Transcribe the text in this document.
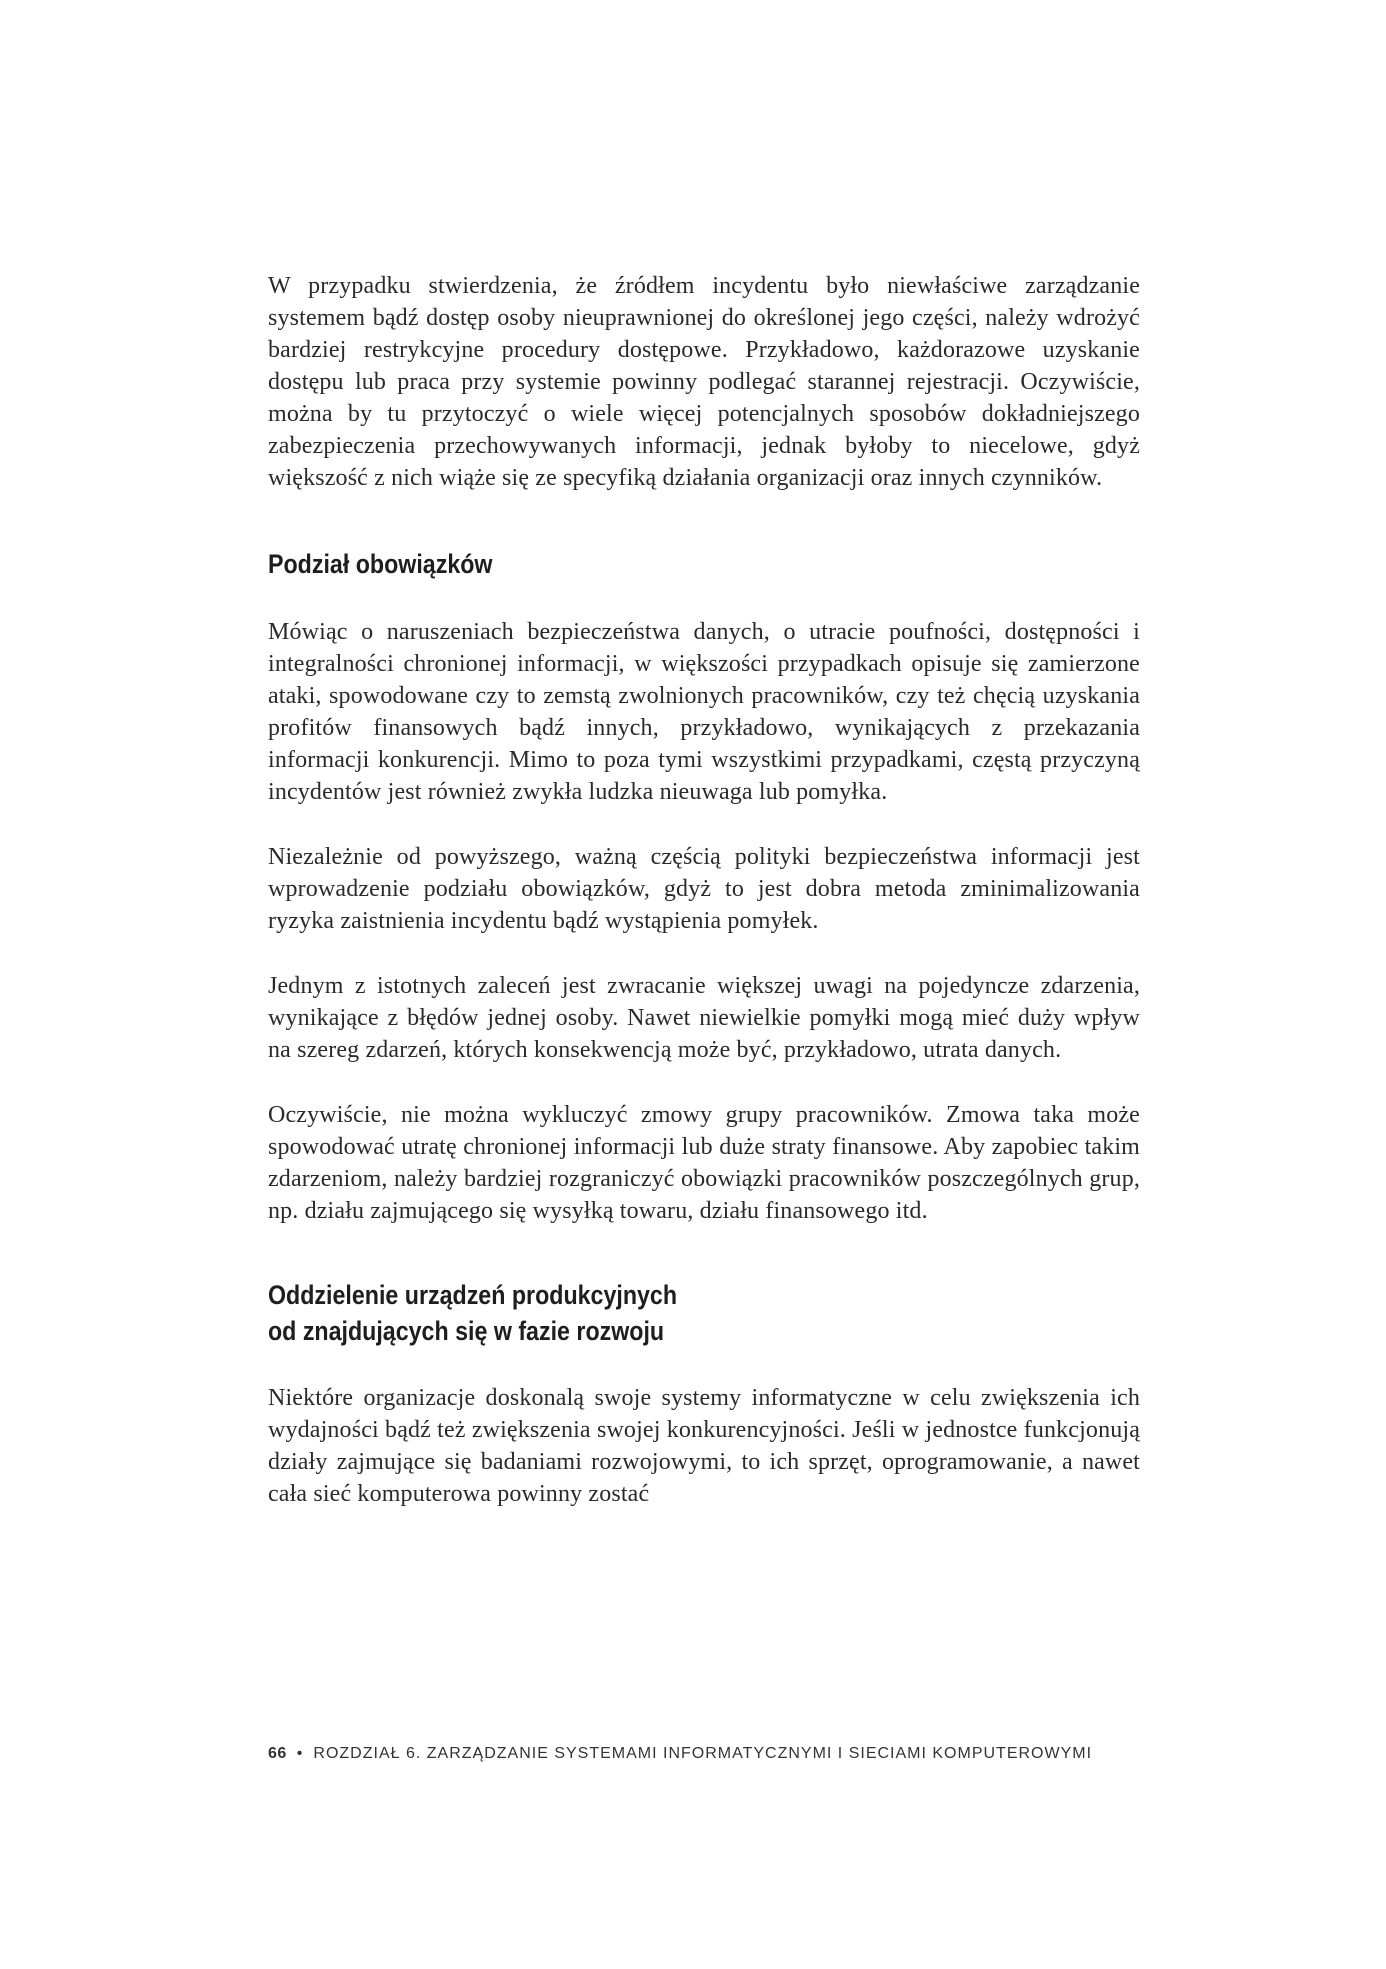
W przypadku stwierdzenia, że źródłem incydentu było niewłaściwe zarządzanie systemem bądź dostęp osoby nieuprawnionej do określonej jego części, należy wdrożyć bardziej restrykcyjne procedury dostępowe. Przykładowo, każdorazowe uzyskanie dostępu lub praca przy systemie powinny podlegać starannej rejestracji. Oczywiście, można by tu przytoczyć o wiele więcej potencjalnych sposobów dokładniejszego zabezpieczenia przechowywanych informacji, jednak byłoby to niecelowe, gdyż większość z nich wiąże się ze specyfiką działania organizacji oraz innych czynników.

Podział obowiązków

Mówiąc o naruszeniach bezpieczeństwa danych, o utracie poufności, dostępności i integralności chronionej informacji, w większości przypadkach opisuje się zamierzone ataki, spowodowane czy to zemstą zwolnionych pracowników, czy też chęcią uzyskania profitów finansowych bądź innych, przykładowo, wynikających z przekazania informacji konkurencji. Mimo to poza tymi wszystkimi przypadkami, częstą przyczyną incydentów jest również zwykła ludzka nieuwaga lub pomyłka.

Niezależnie od powyższego, ważną częścią polityki bezpieczeństwa informacji jest wprowadzenie podziału obowiązków, gdyż to jest dobra metoda zminimalizowania ryzyka zaistnienia incydentu bądź wystąpienia pomyłek.

Jednym z istotnych zaleceń jest zwracanie większej uwagi na pojedyncze zdarzenia, wynikające z błędów jednej osoby. Nawet niewielkie pomyłki mogą mieć duży wpływ na szereg zdarzeń, których konsekwencją może być, przykładowo, utrata danych.

Oczywiście, nie można wykluczyć zmowy grupy pracowników. Zmowa taka może spowodować utratę chronionej informacji lub duże straty finansowe. Aby zapobiec takim zdarzeniom, należy bardziej rozgraniczyć obowiązki pracowników poszczególnych grup, np. działu zajmującego się wysyłką towaru, działu finansowego itd.

Oddzielenie urządzeń produkcyjnych
od znajdujących się w fazie rozwoju

Niektóre organizacje doskonalą swoje systemy informatyczne w celu zwiększenia ich wydajności bądź też zwiększenia swojej konkurencyjności. Jeśli w jednostce funkcjonują działy zajmujące się badaniami rozwojowymi, to ich sprzęt, oprogramowanie, a nawet cała sieć komputerowa powinny zostać

66 • ROZDZIAŁ 6. ZARZĄDZANIE SYSTEMAMI INFORMATYCZNYMI I SIECIAMI KOMPUTEROWYMI
